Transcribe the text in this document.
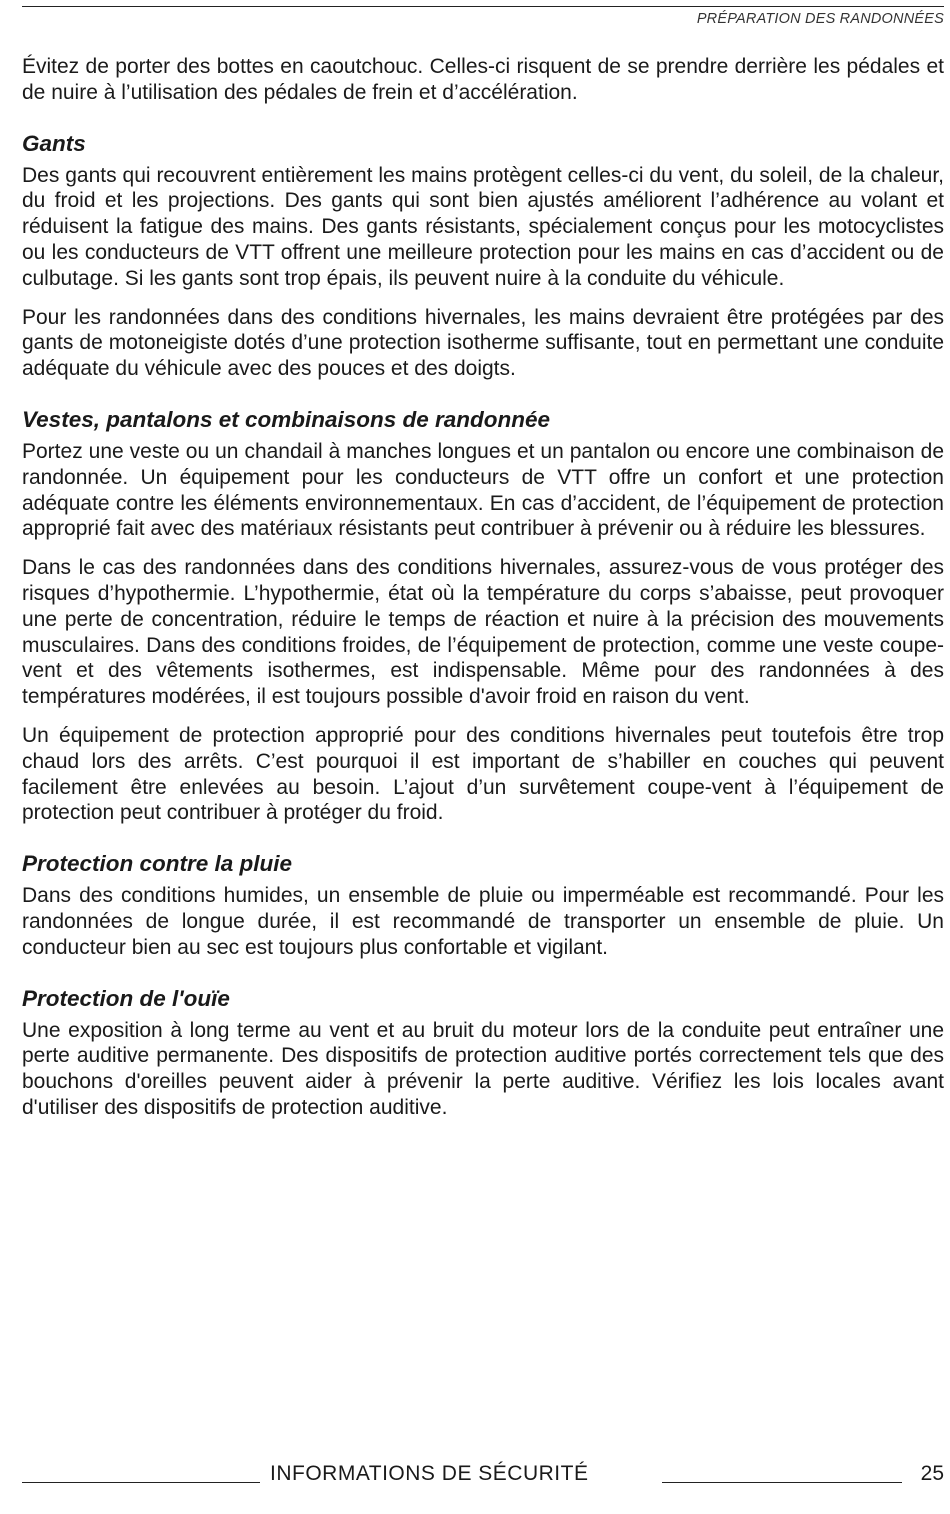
PRÉPARATION DES RANDONNÉES

Évitez de porter des bottes en caoutchouc. Celles-ci risquent de se prendre derrière les pédales et de nuire à l’utilisation des pédales de frein et d’accélération.

Gants

Des gants qui recouvrent entièrement les mains protègent celles-ci du vent, du soleil, de la chaleur, du froid et les projections. Des gants qui sont bien ajustés améliorent l’adhérence au volant et réduisent la fatigue des mains. Des gants résistants, spécialement conçus pour les motocyclistes ou les conducteurs de VTT offrent une meilleure protection pour les mains en cas d’accident ou de culbutage. Si les gants sont trop épais, ils peuvent nuire à la conduite du véhicule.

Pour les randonnées dans des conditions hivernales, les mains devraient être protégées par des gants de motoneigiste dotés d’une protection isotherme suffisante, tout en permettant une conduite adéquate du véhicule avec des pouces et des doigts.

Vestes, pantalons et combinaisons de randonnée

Portez une veste ou un chandail à manches longues et un pantalon ou encore une combinaison de randonnée. Un équipement pour les conducteurs de VTT offre un confort et une protection adéquate contre les éléments environnementaux. En cas d’accident, de l’équipement de protection approprié fait avec des matériaux résistants peut contribuer à prévenir ou à réduire les blessures.

Dans le cas des randonnées dans des conditions hivernales, assurez-vous de vous protéger des risques d’hypothermie. L’hypothermie, état où la température du corps s’abaisse, peut provoquer une perte de concentration, réduire le temps de réaction et nuire à la précision des mouvements musculaires. Dans des conditions froides, de l’équipement de protection, comme une veste coupe-vent et des vêtements isothermes, est indispensable. Même pour des randonnées à des températures modérées, il est toujours possible d'avoir froid en raison du vent.

Un équipement de protection approprié pour des conditions hivernales peut toutefois être trop chaud lors des arrêts. C’est pourquoi il est important de s’habiller en couches qui peuvent facilement être enlevées au besoin. L’ajout d’un survêtement coupe-vent à l’équipement de protection peut contribuer à protéger du froid.

Protection contre la pluie

Dans des conditions humides, un ensemble de pluie ou imperméable est recommandé. Pour les randonnées de longue durée, il est recommandé de transporter un ensemble de pluie. Un conducteur bien au sec est toujours plus confortable et vigilant.

Protection de l'ouïe

Une exposition à long terme au vent et au bruit du moteur lors de la conduite peut entraîner une perte auditive permanente. Des dispositifs de protection auditive portés correctement tels que des bouchons d'oreilles peuvent aider à prévenir la perte auditive. Vérifiez les lois locales avant d'utiliser des dispositifs de protection auditive.

INFORMATIONS DE SÉCURITÉ	25
